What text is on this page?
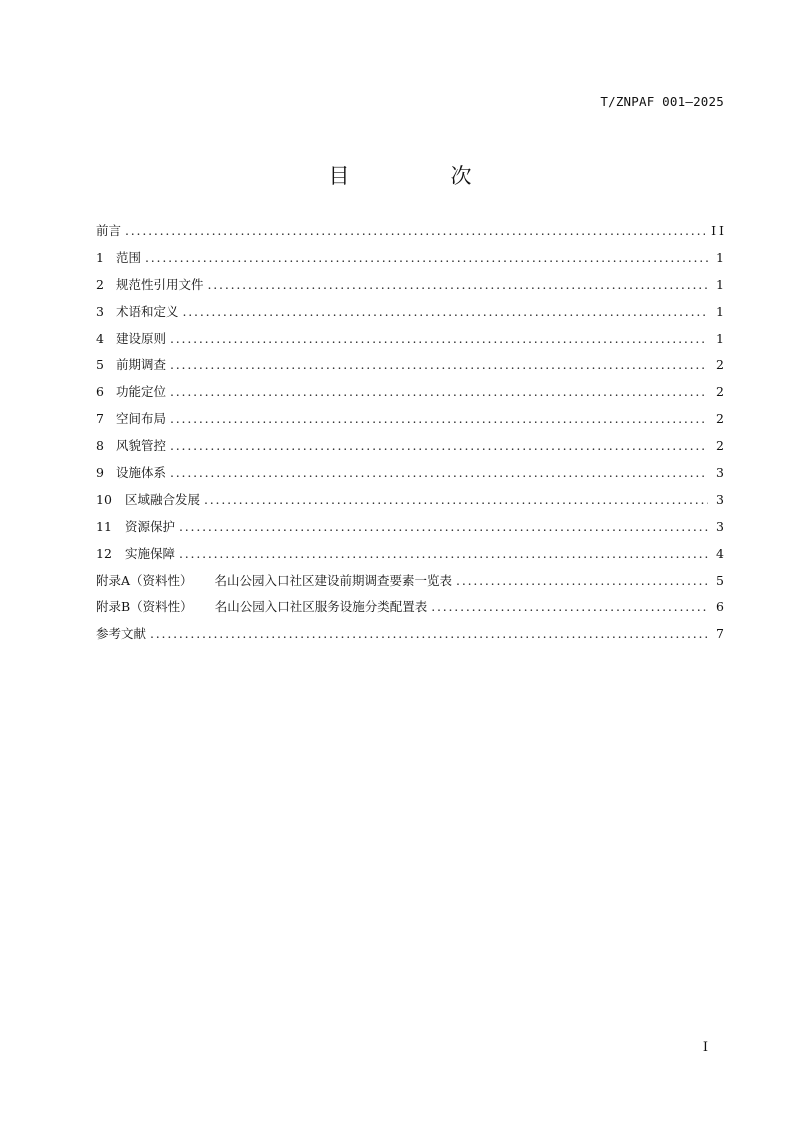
T/ZNPAF 001—2025
目　次
前言 .....	II
1 范围 .....	1
2 规范性引用文件 .....	1
3 术语和定义 .....	1
4 建设原则 .....	1
5 前期调查 .....	2
6 功能定位 .....	2
7 空间布局 .....	2
8 风貌管控 .....	2
9 设施体系 .....	3
10 区域融合发展 .....	3
11 资源保护 .....	3
12 实施保障 .....	4
附录A（资料性） 名山公园入口社区建设前期调查要素一览表 .....	5
附录B（资料性） 名山公园入口社区服务设施分类配置表 .....	6
参考文献 .....	7
I
